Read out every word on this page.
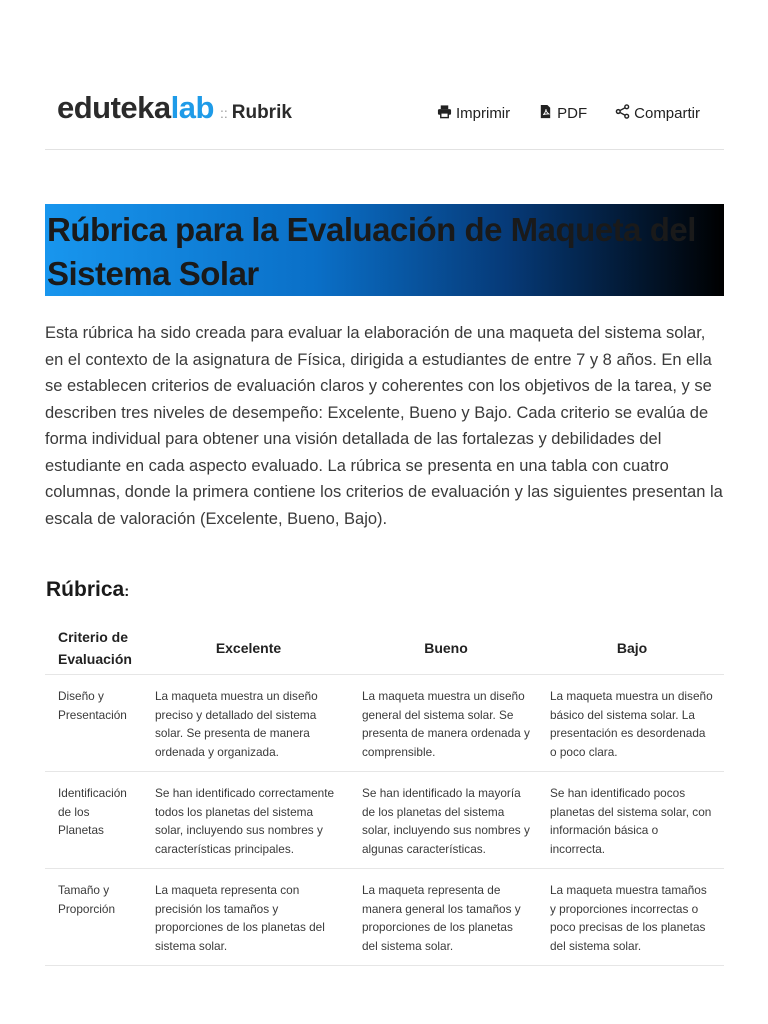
eduteka lab :: Rubrik	Imprimir	PDF	Compartir
Rúbrica para la Evaluación de Maqueta del Sistema Solar

Esta rúbrica ha sido creada para evaluar la elaboración de una maqueta del sistema solar, en el contexto de la asignatura de Física, dirigida a estudiantes de entre 7 y 8 años. En ella se establecen criterios de evaluación claros y coherentes con los objetivos de la tarea, y se describen tres niveles de desempeño: Excelente, Bueno y Bajo. Cada criterio se evalúa de forma individual para obtener una visión detallada de las fortalezas y debilidades del estudiante en cada aspecto evaluado. La rúbrica se presenta en una tabla con cuatro columnas, donde la primera contiene los criterios de evaluación y las siguientes presentan la escala de valoración (Excelente, Bueno, Bajo).

Rúbrica:
Criterio de Evaluación	Excelente	Bueno	Bajo
Diseño y Presentación	La maqueta muestra un diseño preciso y detallado del sistema solar. Se presenta de manera ordenada y organizada.	La maqueta muestra un diseño general del sistema solar. Se presenta de manera ordenada y comprensible.	La maqueta muestra un diseño básico del sistema solar. La presentación es desordenada o poco clara.
Identificación de los Planetas	Se han identificado correctamente todos los planetas del sistema solar, incluyendo sus nombres y características principales.	Se han identificado la mayoría de los planetas del sistema solar, incluyendo sus nombres y algunas características.	Se han identificado pocos planetas del sistema solar, con información básica o incorrecta.
Tamaño y Proporción	La maqueta representa con precisión los tamaños y proporciones de los planetas del sistema solar.	La maqueta representa de manera general los tamaños y proporciones de los planetas del sistema solar.	La maqueta muestra tamaños y proporciones incorrectas o poco precisas de los planetas del sistema solar.
